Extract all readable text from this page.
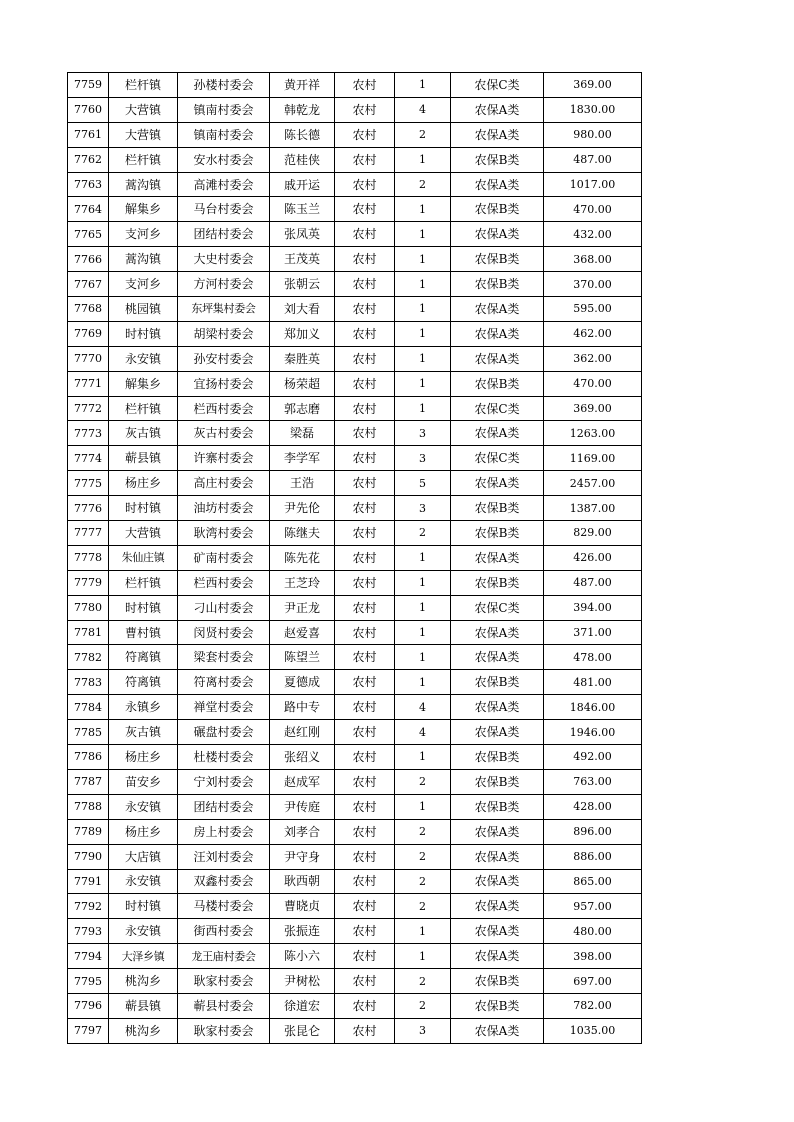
7759	栏杆镇	孙楼村委会	黄开祥	农村	1	农保C类	369.00
7760	大营镇	镇南村委会	韩乾龙	农村	4	农保A类	1830.00
7761	大营镇	镇南村委会	陈长德	农村	2	农保A类	980.00
7762	栏杆镇	安水村委会	范桂侠	农村	1	农保B类	487.00
7763	蒿沟镇	高滩村委会	戚开运	农村	2	农保A类	1017.00
7764	解集乡	马台村委会	陈玉兰	农村	1	农保B类	470.00
7765	支河乡	团结村委会	张凤英	农村	1	农保A类	432.00
7766	蒿沟镇	大史村委会	王茂英	农村	1	农保B类	368.00
7767	支河乡	方河村委会	张朝云	农村	1	农保B类	370.00
7768	桃园镇	东坪集村委会	刘大看	农村	1	农保A类	595.00
7769	时村镇	胡梁村委会	郑加义	农村	1	农保A类	462.00
7770	永安镇	孙安村委会	秦胜英	农村	1	农保A类	362.00
7771	解集乡	宜扬村委会	杨荣超	农村	1	农保B类	470.00
7772	栏杆镇	栏西村委会	郭志磨	农村	1	农保C类	369.00
7773	灰古镇	灰古村委会	梁磊	农村	3	农保A类	1263.00
7774	蕲县镇	许寨村委会	李学军	农村	3	农保C类	1169.00
7775	杨庄乡	高庄村委会	王浩	农村	5	农保A类	2457.00
7776	时村镇	油坊村委会	尹先伦	农村	3	农保B类	1387.00
7777	大营镇	耿湾村委会	陈继夫	农村	2	农保B类	829.00
7778	朱仙庄镇	矿南村委会	陈先花	农村	1	农保A类	426.00
7779	栏杆镇	栏西村委会	王芝玲	农村	1	农保B类	487.00
7780	时村镇	刁山村委会	尹正龙	农村	1	农保C类	394.00
7781	曹村镇	闵贤村委会	赵爱喜	农村	1	农保A类	371.00
7782	符离镇	梁套村委会	陈望兰	农村	1	农保A类	478.00
7783	符离镇	符离村委会	夏德成	农村	1	农保B类	481.00
7784	永镇乡	禅堂村委会	路中专	农村	4	农保A类	1846.00
7785	灰古镇	碾盘村委会	赵红刚	农村	4	农保A类	1946.00
7786	杨庄乡	杜楼村委会	张绍义	农村	1	农保B类	492.00
7787	苗安乡	宁刘村委会	赵成军	农村	2	农保B类	763.00
7788	永安镇	团结村委会	尹传庭	农村	1	农保B类	428.00
7789	杨庄乡	房上村委会	刘孝合	农村	2	农保A类	896.00
7790	大店镇	汪刘村委会	尹守身	农村	2	农保A类	886.00
7791	永安镇	双鑫村委会	耿西朝	农村	2	农保A类	865.00
7792	时村镇	马楼村委会	曹晓贞	农村	2	农保A类	957.00
7793	永安镇	街西村委会	张振连	农村	1	农保A类	480.00
7794	大泽乡镇	龙王庙村委会	陈小六	农村	1	农保A类	398.00
7795	桃沟乡	耿家村委会	尹树松	农村	2	农保B类	697.00
7796	蕲县镇	蕲县村委会	徐道宏	农村	2	农保B类	782.00
7797	桃沟乡	耿家村委会	张昆仑	农村	3	农保A类	1035.00
